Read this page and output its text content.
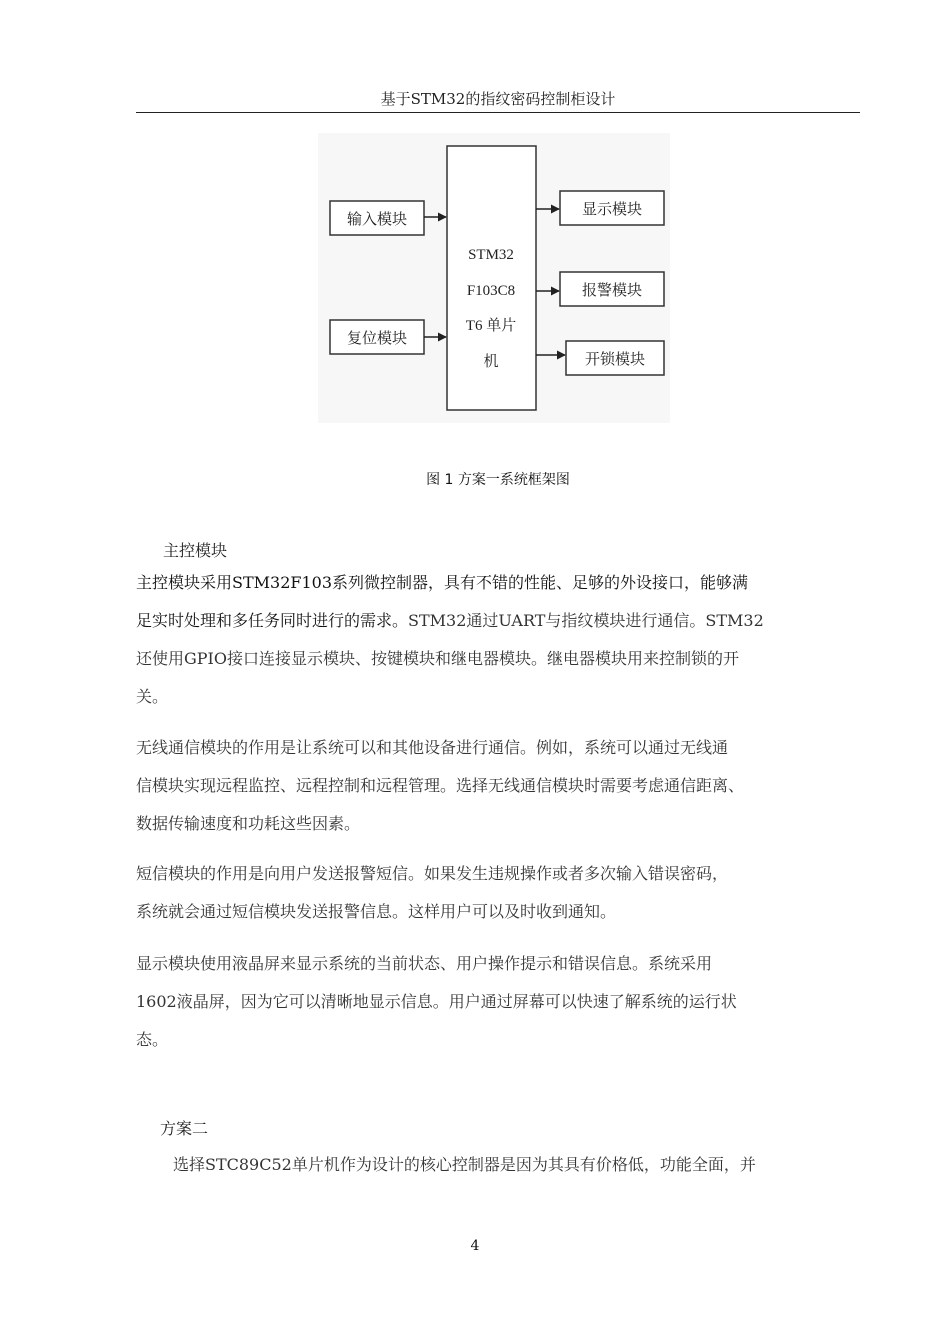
基于STM32的指纹密码控制柜设计
STM32
F103C8
T6 单片
机
输入模块
复位模块
显示模块
报警模块
开锁模块
图 1 方案一系统框架图
主控模块
主控模块采用STM32F103系列微控制器，具有不错的性能、足够的外设接口，能够满
足实时处理和多任务同时进行的需求。STM32通过UART与指纹模块进行通信。STM32
还使用GPIO接口连接显示模块、按键模块和继电器模块。继电器模块用来控制锁的开
关。
无线通信模块的作用是让系统可以和其他设备进行通信。例如，系统可以通过无线通
信模块实现远程监控、远程控制和远程管理。选择无线通信模块时需要考虑通信距离、
数据传输速度和功耗这些因素。
短信模块的作用是向用户发送报警短信。如果发生违规操作或者多次输入错误密码，
系统就会通过短信模块发送报警信息。这样用户可以及时收到通知。
显示模块使用液晶屏来显示系统的当前状态、用户操作提示和错误信息。系统采用
1602液晶屏，因为它可以清晰地显示信息。用户通过屏幕可以快速了解系统的运行状
态。
方案二
选择STC89C52单片机作为设计的核心控制器是因为其具有价格低，功能全面，并
4
